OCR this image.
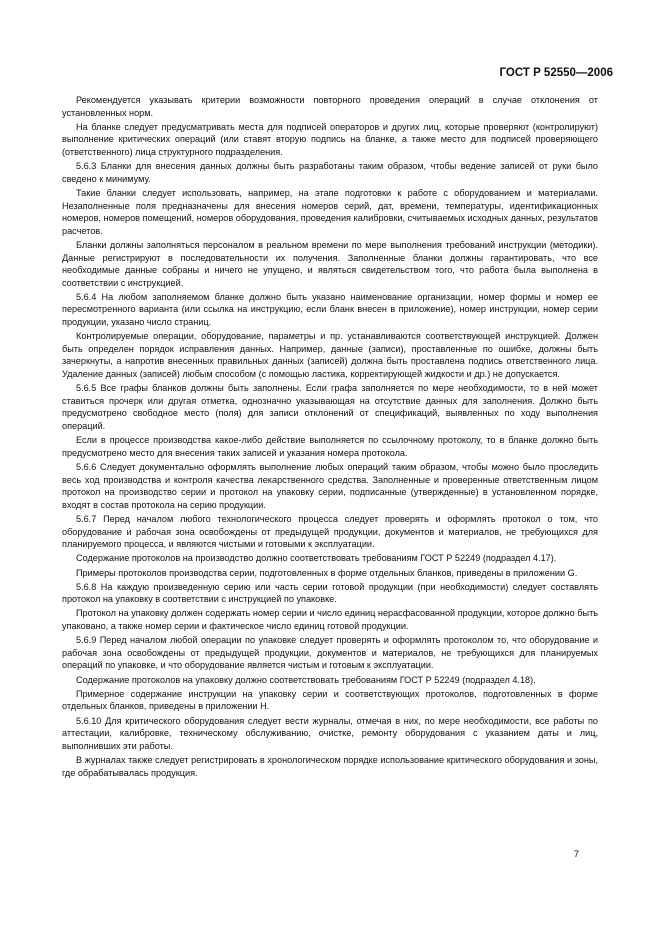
ГОСТ Р 52550—2006

Рекомендуется указывать критерии возможности повторного проведения операций в случае отклонения от установленных норм.

На бланке следует предусматривать места для подписей операторов и других лиц, которые проверяют (контролируют) выполнение критических операций (или ставят вторую подпись на бланке, а также место для подписей проверяющего (ответственного) лица структурного подразделения.

5.6.3 Бланки для внесения данных должны быть разработаны таким образом, чтобы ведение записей от руки было сведено к минимуму.

Такие бланки следует использовать, например, на этапе подготовки к работе с оборудованием и материалами. Незаполненные поля предназначены для внесения номеров серий, дат, времени, температуры, идентификационных номеров, номеров помещений, номеров оборудования, проведения калибровки, считываемых исходных данных, результатов расчетов.

Бланки должны заполняться персоналом в реальном времени по мере выполнения требований инструкции (методики). Данные регистрируют в последовательности их получения. Заполненные бланки должны гарантировать, что все необходимые данные собраны и ничего не упущено, и являться свидетельством того, что работа была выполнена в соответствии с инструкцией.

5.6.4 На любом заполняемом бланке должно быть указано наименование организации, номер формы и номер ее пересмотренного варианта (или ссылка на инструкцию, если бланк внесен в приложение), номер инструкции, номер серии продукции, указано число страниц.

Контролируемые операции, оборудование, параметры и пр. устанавливаются соответствующей инструкцией. Должен быть определен порядок исправления данных. Например, данные (записи), проставленные по ошибке, должны быть зачеркнуты, а напротив внесенных правильных данных (записей) должна быть проставлена подпись ответственного лица. Удаление данных (записей) любым способом (с помощью ластика, корректирующей жидкости и др.) не допускается.

5.6.5 Все графы бланков должны быть заполнены. Если графа заполняется по мере необходимости, то в ней может ставиться прочерк или другая отметка, однозначно указывающая на отсутствие данных для заполнения. Должно быть предусмотрено свободное место (поля) для записи отклонений от спецификаций, выявленных по ходу выполнения операций.

Если в процессе производства какое-либо действие выполняется по ссылочному протоколу, то в бланке должно быть предусмотрено место для внесения таких записей и указания номера протокола.

5.6.6 Следует документально оформлять выполнение любых операций таким образом, чтобы можно было проследить весь ход производства и контроля качества лекарственного средства. Заполненные и проверенные ответственным лицом протокол на производство серии и протокол на упаковку серии, подписанные (утвержденные) в установленном порядке, входят в состав протокола на серию продукции.

5.6.7 Перед началом любого технологического процесса следует проверять и оформлять протокол о том, что оборудование и рабочая зона освобождены от предыдущей продукции, документов и материалов, не требующихся для планируемого процесса, и являются чистыми и готовыми к эксплуатации.

Содержание протоколов на производство должно соответствовать требованиям ГОСТ Р 52249 (подраздел 4.17).

Примеры протоколов производства серии, подготовленных в форме отдельных бланков, приведены в приложении G.

5.6.8 На каждую произведенную серию или часть серии готовой продукции (при необходимости) следует составлять протокол на упаковку в соответствии с инструкцией по упаковке.

Протокол на упаковку должен содержать номер серии и число единиц нерасфасованной продукции, которое должно быть упаковано, а также номер серии и фактическое число единиц готовой продукции.

5.6.9 Перед началом любой операции по упаковке следует проверять и оформлять протоколом то, что оборудование и рабочая зона освобождены от предыдущей продукции, документов и материалов, не требующихся для планируемых операций по упаковке, и что оборудование является чистым и готовым к эксплуатации.

Содержание протоколов на упаковку должно соответствовать требованиям ГОСТ Р 52249 (подраздел 4.18).

Примерное содержание инструкции на упаковку серии и соответствующих протоколов, подготовленных в форме отдельных бланков, приведены в приложении Н.

5.6.10 Для критического оборудования следует вести журналы, отмечая в них, по мере необходимости, все работы по аттестации, калибровке, техническому обслуживанию, очистке, ремонту оборудования с указанием даты и лиц, выполнивших эти работы.

В журналах также следует регистрировать в хронологическом порядке использование критического оборудования и зоны, где обрабатывалась продукция.

7
